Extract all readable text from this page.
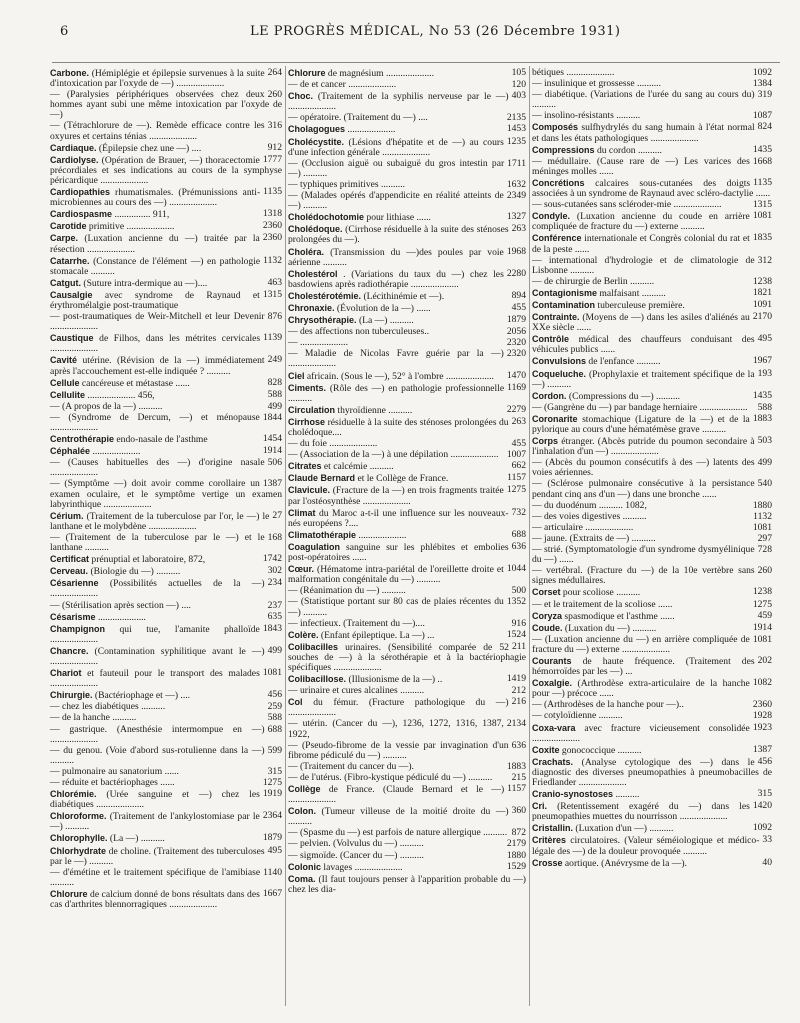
6	LE PROGRÈS MÉDICAL, No 53 (26 Décembre 1931)
264
Carbone. (Hémiplégie et épilepsie survenues à la suite d'intoxication par l'oxyde de —) ....................
260
— (Paralysies périphériques observées chez deux hommes ayant subi une même intoxication par l'oxyde de —)
316
— (Tétrachlorure de —). Remède efficace contre les oxyures et certains ténias ....................
912
Cardiaque. (Épilepsie chez une —) ....
1777
Cardiolyse. (Opération de Brauer, —) thoracectomie précordiales et ses indications au cours de la symphyse péricardique ....................
1135
Cardiopathies rhumatismales. (Prémunissions anti-microbiennes au cours des —) ....................
1318
Cardiospasme ............... 911,
2360
Carotide primitive ....................
2360
Carpe. (Luxation ancienne du —) traitée par la résection ....................
1132
Catarrhe. (Constance de l'élément —) en pathologie stomacale ..........
463
Catgut. (Suture intra-dermique au —)....
1315
Causalgie avec syndrome de Raynaud et érythromélalgie post-traumatique
876
— post-traumatiques de Weir-Mitchell et leur Devenir ....................
1139
Caustique de Filhos, dans les métrites cervicales ....................
249
Cavité utérine. (Révision de la —) immédiatement après l'accouchement est-elle indiquée ? ..........
828
Cellule cancéreuse et métastase ......
588
Cellulite .................... 456,
499
— (A propos de la —) ..........
1844
— (Syndrome de Dercum, —) et ménopause ....................
1454
Centrothérapie endo-nasale de l'asthme
1914
Céphalée ....................
506
— (Causes habituelles des —) d'origine nasale ....................
1387
— (Symptôme —) doit avoir comme corollaire un examen oculaire, et le symptôme vertige un examen labyrinthique ....................
27
Cérium. (Traitement de la tuberculose par l'or, le —) le lanthane et le molybdène ....................
168
— (Traitement de la tuberculose par le —) et le lanthane ..........
1742
Certificat prénuptial et laboratoire, 872,
302
Cerveau. (Biologie du —) ..........
234
Césarienne (Possibilités actuelles de la —) ....................
237
— (Stérilisation après section —) ....
635
Césarisme ....................
1843
Champignon qui tue, l'amanite phalloïde ....................
499
Chancre. (Contamination syphilitique avant le —) ....................
1081
Chariot et fauteuil pour le transport des malades ....................
456
Chirurgie. (Bactériophage et —) ....
259
— chez les diabétiques ..........
588
— de la hanche ..........
688
— gastrique. (Anesthésie intermompue en —) ....................
599
— du genou. (Voie d'abord sus-rotulienne dans la —) ..........
315
— pulmonaire au sanatorium ......
1275
— réduite et bactériophages ......
1919
Chlorémie. (Urée sanguine et —) chez les diabétiques ....................
2364
Chloroforme. (Traitement de l'ankylostomiase par le —) ..........
1879
Chlorophylle. (La —) ..........
495
Chlorhydrate de choline. (Traitement des tuberculoses par le —) ..........
1140
— d'émétine et le traitement spécifique de l'amibiase ..........
1667
Chlorure de calcium donné de bons résultats dans des cas d'arthrites blennorragiques ....................
105
Chlorure de magnésium ....................
120
— de et cancer ....................
403
Choc. (Traitement de la syphilis nerveuse par le —) ....................
2135
— opératoire. (Traitement du —) ....
1453
Cholagogues ....................
1235
Cholécystite. (Lésions d'hépatite et de —) au cours d'une infection générale ....................
1711
— (Occlusion aiguë ou subaiguë du gros intestin par —) ..........
1632
— typhiques primitives ..........
2349
— (Malades opérés d'appendicite en réalité atteints de —) ..........
1327
Cholédochotomie pour lithiase ......
263
Cholédoque. (Cirrhose résiduelle à la suite des sténoses prolongées du —).
1968
Choléra. (Transmission du —)des poules par voie aérienne ..........
2280
Cholestérol . (Variations du taux du —) chez les basdowiens après radiothérapie ....................
894
Cholestérotémie. (Lécithinémie et —).
455
Chronaxie. (Évolution de la —) ......
1879
Chrysothérapie. (La —) ..........
2056
— des affections non tuberculeuses..
2320
— ....................
2320
— Maladie de Nicolas Favre guérie par la —) ....................
1470
Ciel africain. (Sous le —), 52° à l'ombre ....................
1169
Ciments. (Rôle des —) en pathologie professionnelle ..........
2279
Circulation thyroïdienne ..........
263
Cirrhose résiduelle à la suite des sténoses prolongées du cholédoque....
455
— du foie ....................
1007
— (Association de la —) à une dépilation ....................
662
Citrates et calcémie ..........
1157
Claude Bernard et le Collège de France.
1275
Clavicule. (Fracture de la —) en trois fragments traitée par l'ostéosynthèse ....................
732
Climat du Maroc a-t-il une influence sur les nouveaux-nés européens ?....
688
Climatothérapie ....................
636
Coagulation sanguine sur les phlébites et embolies post-opératoires ......
1044
Cœur. (Hématome intra-pariétal de l'oreillette droite et malformation congénitale du —) ..........
500
— (Réanimation du —) ..........
1352
— (Statistique portant sur 80 cas de plaies récentes du —) ..........
916
— infectieux. (Traitement du —)....
1524
Colère. (Enfant épileptique. La —) ...
211
Colibacilles urinaires. (Sensibilité comparée de 52 souches de —) à la sérothérapie et à la bactériophagie spécifiques ....................
1419
Colibacillose. (Illusionisme de la —) ..
212
— urinaire et cures alcalines ..........
216
Col du fémur. (Fracture pathologique du —) ....................
2134
— utérin. (Cancer du —), 1236, 1272, 1316, 1387, 1922,
636
— (Pseudo-fibrome de la vessie par invagination d'un fibrome pédiculé du —) ..........
1883
— (Traitement du cancer du —).
215
— de l'utérus. (Fibro-kystique pédiculé du —) ..........
1157
Collège de France. (Claude Bernard et le —) ....................
360
Colon. (Tumeur villeuse de la moitié droite du —) ..........
872
— (Spasme du —) est parfois de nature allergique ..........
2179
— pelvien. (Volvulus du —) ..........
1880
— sigmoïde. (Cancer du —) ..........
1529
Colonic lavages ....................
Coma. (Il faut toujours penser à l'apparition probable du —) chez les dia-
1092
bétiques ....................
1384
— insulinique et grossesse ..........
319
— diabétique. (Variations de l'urée du sang au cours du) ..........
1087
— insolino-résistants ..........
824
Composés sulfhydrylés du sang humain à l'état normal et dans les états pathologiques ....................
1435
Compressions du cordon ..........
1668
— médullaire. (Cause rare de —) Les varices des méninges molles ......
1135
Concrétions calcaires sous-cutanées des doigts associées à un syndrome de Raynaud avec scléro-dactylie ......
1315
— sous-cutanées sans scléroder-mie ....................
1081
Condyle. (Luxation ancienne du coude en arrière compliquée de fracture du —) externe ..........
1835
Conférence internationale et Congrès colonial du rat et de la peste ......
312
— international d'hydrologie et de climatologie de Lisbonne ..........
1238
— de chirurgie de Berlin ..........
1821
Contagionisme malfaisant ..........
1091
Contamination tuberculeuse première.
2170
Contrainte. (Moyens de —) dans les asiles d'aliénés au XXe siècle ......
495
Contrôle médical des chauffeurs conduisant des véhicules publics ......
1967
Convulsions de l'enfance ..........
193
Coqueluche. (Prophylaxie et traitement spécifique de la —) ..........
1435
Cordon. (Compressions du —) ..........
588
— (Gangrène du —) par bandage herniaire ....................
1883
Coronarite stomachique (Ligature de la —) et de la pylorique au cours d'une hématémèse grave ..........
503
Corps étranger. (Abcès putride du poumon secondaire à l'inhalation d'un —) ....................
499
— (Abcès du poumon consécutifs à des —) latents des voies aériennes.
540
— (Sclérose pulmonaire consécutive à la persistance pendant cinq ans d'un —) dans une bronche ......
1880
— du duodénum .......... 1082,
1132
— des voies digestives ..........
1081
— articulaire ....................
297
— jaune. (Extraits de —) ..........
728
— strié. (Symptomatologie d'un syndrome dysmyélinique du —) ......
260
— vertébral. (Fracture du —) de la 10e vertèbre sans signes médullaires.
1238
Corset pour scoliose ..........
1275
— et le traitement de la scoliose ......
459
Coryza spasmodique et l'asthme ......
1914
Coude. (Luxation du —) ..........
1081
— (Luxation ancienne du —) en arrière compliquée de fracture du —) externe ....................
202
Courants de haute fréquence. (Traitement des hémorroïdes par les —) ...
1082
Coxalgie. (Arthrodèse extra-articulaire de la hanche pour —) précoce ......
2360
— (Arthrodèses de la hanche pour —)..
1928
— cotyloïdienne ..........
1923
Coxa-vara avec fracture vicieusement consolidée ....................
1387
Coxite gonococcique ..........
456
Crachats. (Analyse cytologique des —) dans le diagnostic des diverses pneumopathies à pneumobacilles de Friedlander ....................
315
Cranio-synostoses ..........
1420
Cri. (Retentissement exagéré du —) dans les pneumopathies muettes du nourrisson ....................
1092
Cristallin. (Luxation d'un —) ..........
33
Critères circulatoires. (Valeur séméiologique et médico-légale des —) de la douleur provoquée ..........
40
Crosse aortique. (Anévrysme de la —).
